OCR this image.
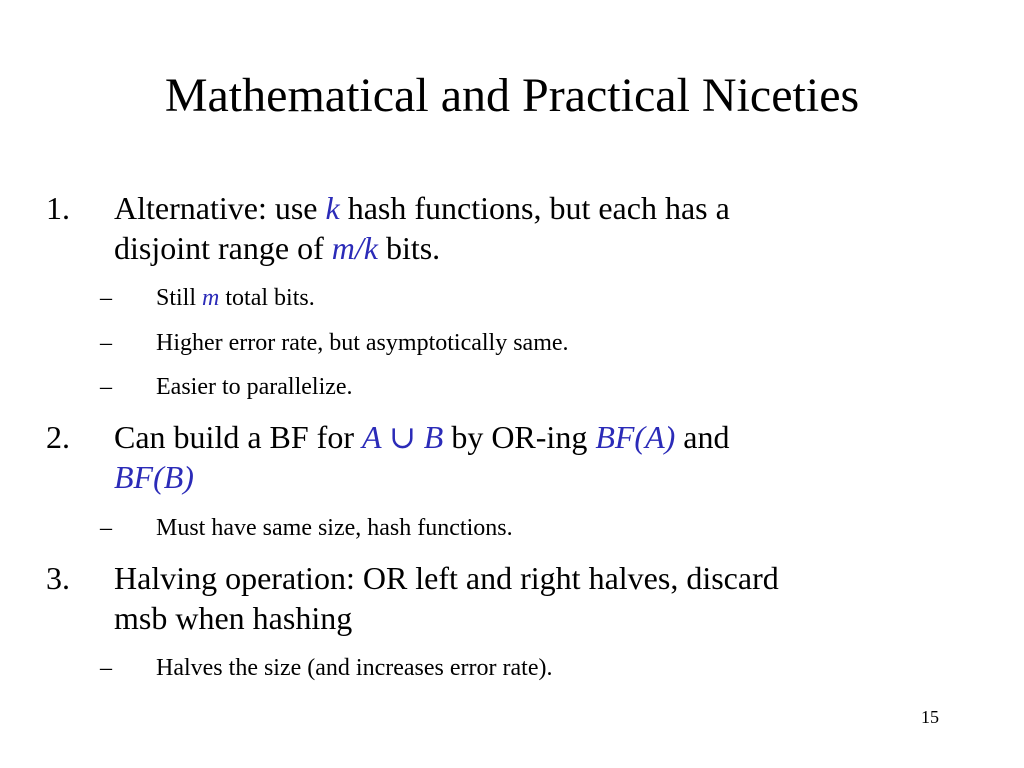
Mathematical and Practical Niceties
1. Alternative: use k hash functions, but each has a
disjoint range of m/k bits.
– Still m total bits.
– Higher error rate, but asymptotically same.
– Easier to parallelize.
2. Can build a BF for A ∪ B by OR-ing BF(A) and
BF(B)
– Must have same size, hash functions.
3. Halving operation: OR left and right halves, discard
msb when hashing
– Halves the size (and increases error rate).
15
